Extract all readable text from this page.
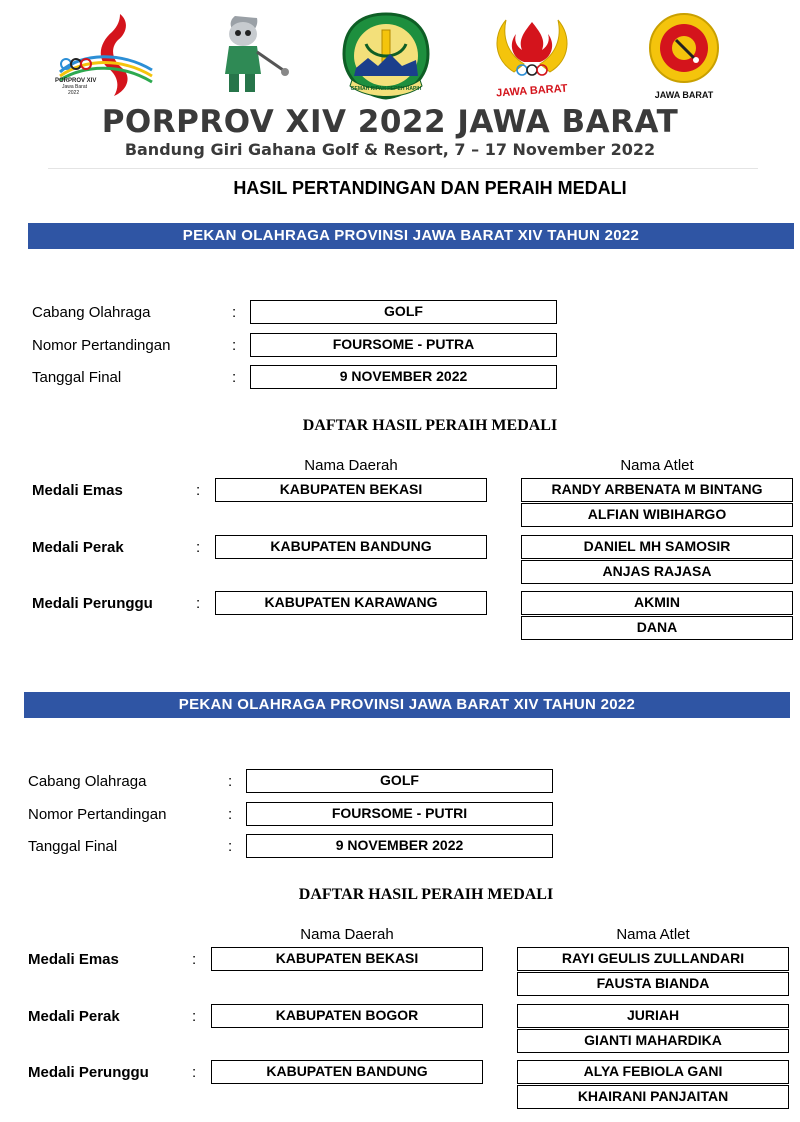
PORPROV XIV
Jawa Barat
2022
GEMAH RIPAH REPEH RAPIH	JAWA BARAT	JAWA BARAT
PORPROV XIV 2022 JAWA BARAT
Bandung Giri Gahana Golf & Resort, 7 – 17 November 2022
HASIL PERTANDINGAN DAN PERAIH MEDALI
PEKAN OLAHRAGA PROVINSI JAWA BARAT XIV TAHUN 2022
Cabang Olahraga	:	GOLF
Nomor Pertandingan	:	FOURSOME - PUTRA
Tanggal Final	:	9 NOVEMBER 2022
DAFTAR HASIL PERAIH MEDALI
Nama Daerah	Nama Atlet
Medali Emas	:	KABUPATEN BEKASI	RANDY ARBENATA M BINTANG
ALFIAN WIBIHARGO
Medali Perak	:	KABUPATEN BANDUNG	DANIEL MH SAMOSIR
ANJAS RAJASA
Medali Perunggu	:	KABUPATEN KARAWANG	AKMIN
DANA
PEKAN OLAHRAGA PROVINSI JAWA BARAT XIV TAHUN 2022
Cabang Olahraga	:	GOLF
Nomor Pertandingan	:	FOURSOME - PUTRI
Tanggal Final	:	9 NOVEMBER 2022
DAFTAR HASIL PERAIH MEDALI
Nama Daerah	Nama Atlet
Medali Emas	:	KABUPATEN BEKASI	RAYI GEULIS ZULLANDARI
FAUSTA BIANDA
Medali Perak	:	KABUPATEN BOGOR	JURIAH
GIANTI MAHARDIKA
Medali Perunggu	:	KABUPATEN BANDUNG	ALYA FEBIOLA GANI
KHAIRANI PANJAITAN
